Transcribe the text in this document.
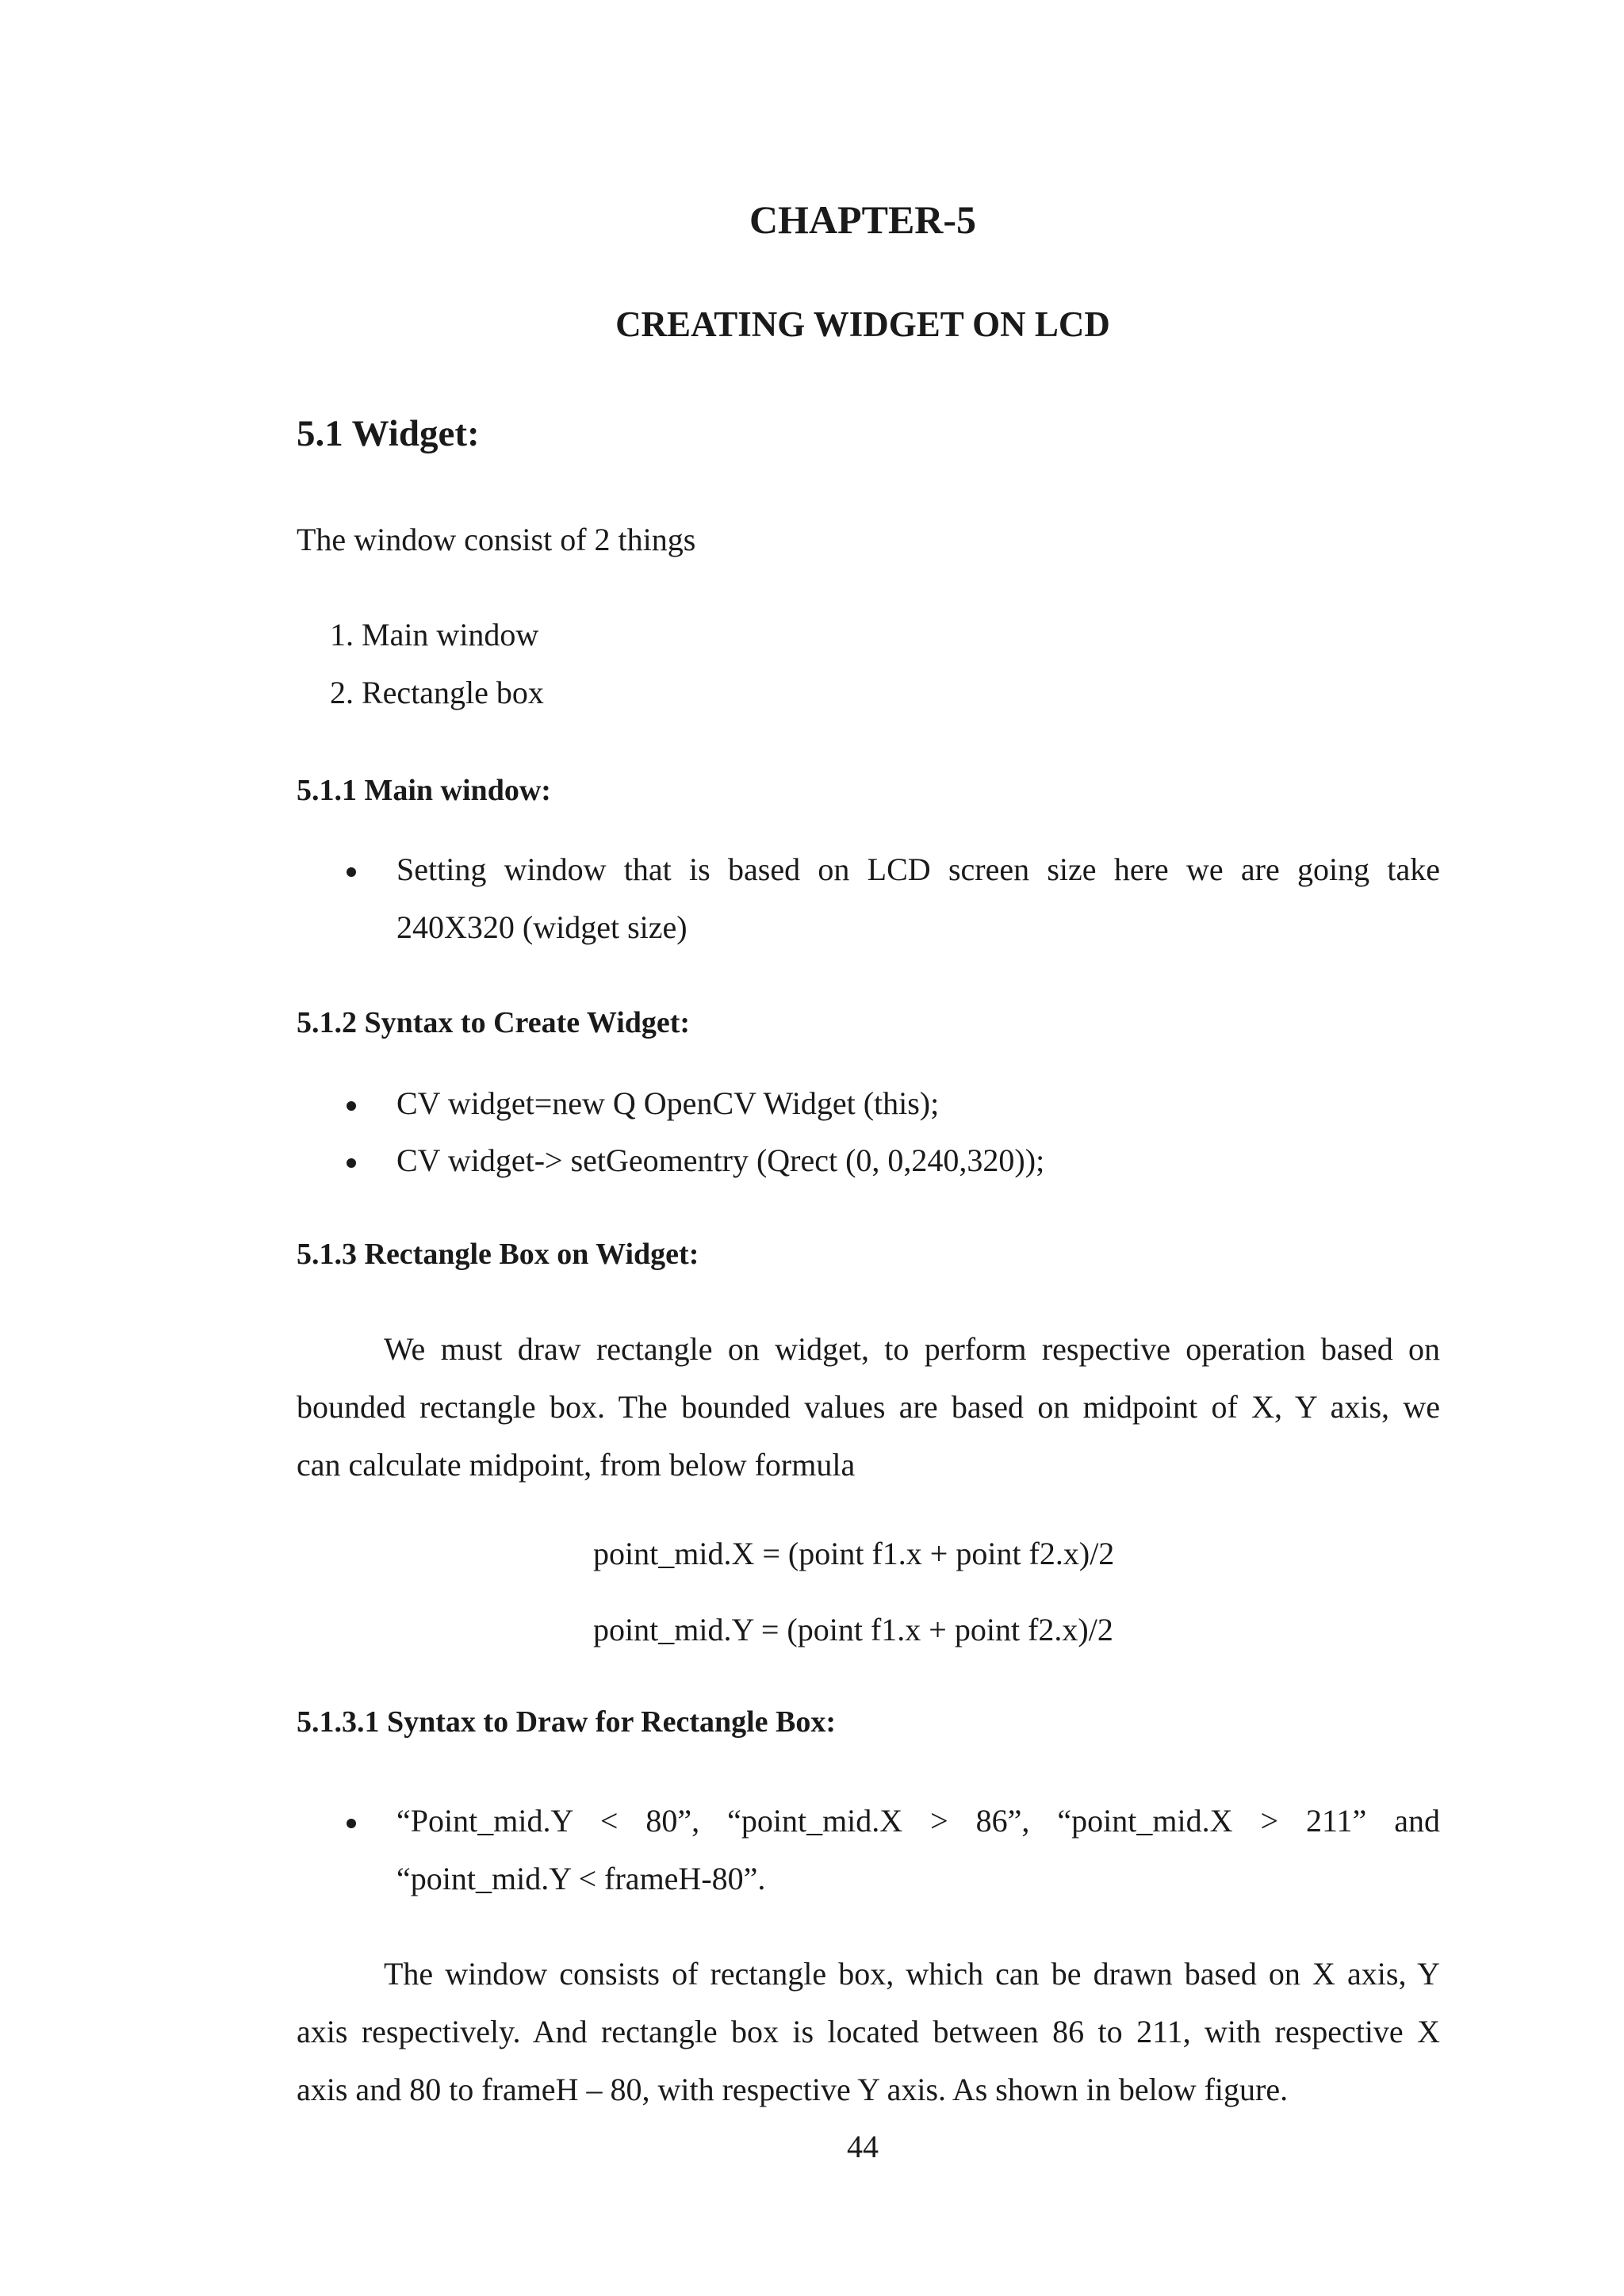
CHAPTER-5
CREATING WIDGET ON LCD
5.1 Widget:
The window consist of 2 things
1. Main window
2. Rectangle box
5.1.1 Main window:
Setting window that is based on LCD screen size here we are going take
240X320 (widget size)
5.1.2 Syntax to Create Widget:
CV widget=new Q OpenCV Widget (this);
CV widget-> setGeomentry (Qrect (0, 0,240,320));
5.1.3 Rectangle Box on Widget:
We must draw rectangle on widget, to perform respective operation based on
bounded rectangle box. The bounded values are based on midpoint of X, Y axis, we
can calculate midpoint, from below formula
point_mid.X = (point f1.x + point f2.x)/2
point_mid.Y = (point f1.x + point f2.x)/2
5.1.3.1 Syntax to Draw for Rectangle Box:
“Point_mid.Y < 80”, “point_mid.X > 86”, “point_mid.X > 211” and
“point_mid.Y < frameH-80”.
The window consists of rectangle box, which can be drawn based on X axis, Y
axis respectively. And rectangle box is located between 86 to 211, with respective X
axis and 80 to frameH – 80, with respective Y axis. As shown in below figure.
44
